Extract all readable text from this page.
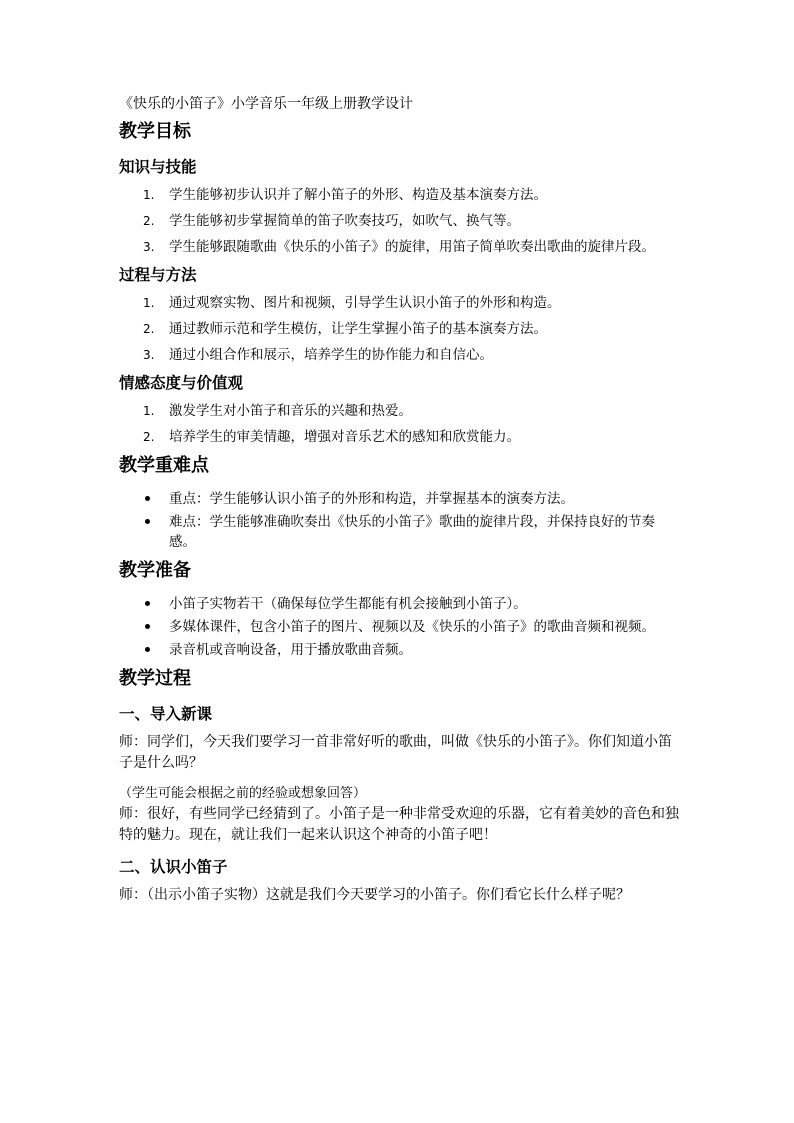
《快乐的小笛子》小学音乐一年级上册教学设计
教学目标
知识与技能
1. 学生能够初步认识并了解小笛子的外形、构造及基本演奏方法。
2. 学生能够初步掌握简单的笛子吹奏技巧，如吹气、换气等。
3. 学生能够跟随歌曲《快乐的小笛子》的旋律，用笛子简单吹奏出歌曲的旋律片段。
过程与方法
1. 通过观察实物、图片和视频，引导学生认识小笛子的外形和构造。
2. 通过教师示范和学生模仿，让学生掌握小笛子的基本演奏方法。
3. 通过小组合作和展示，培养学生的协作能力和自信心。
情感态度与价值观
1. 激发学生对小笛子和音乐的兴趣和热爱。
2. 培养学生的审美情趣，增强对音乐艺术的感知和欣赏能力。
教学重难点
重点：学生能够认识小笛子的外形和构造，并掌握基本的演奏方法。
难点：学生能够准确吹奏出《快乐的小笛子》歌曲的旋律片段，并保持良好的节奏感。
教学准备
小笛子实物若干（确保每位学生都能有机会接触到小笛子）。
多媒体课件，包含小笛子的图片、视频以及《快乐的小笛子》的歌曲音频和视频。
录音机或音响设备，用于播放歌曲音频。
教学过程
一、导入新课

师：同学们，今天我们要学习一首非常好听的歌曲，叫做《快乐的小笛子》。你们知道小笛子是什么吗？

（学生可能会根据之前的经验或想象回答）

师：很好，有些同学已经猜到了。小笛子是一种非常受欢迎的乐器，它有着美妙的音色和独特的魅力。现在，就让我们一起来认识这个神奇的小笛子吧！

二、认识小笛子

师：（出示小笛子实物）这就是我们今天要学习的小笛子。你们看它长什么样子呢？
